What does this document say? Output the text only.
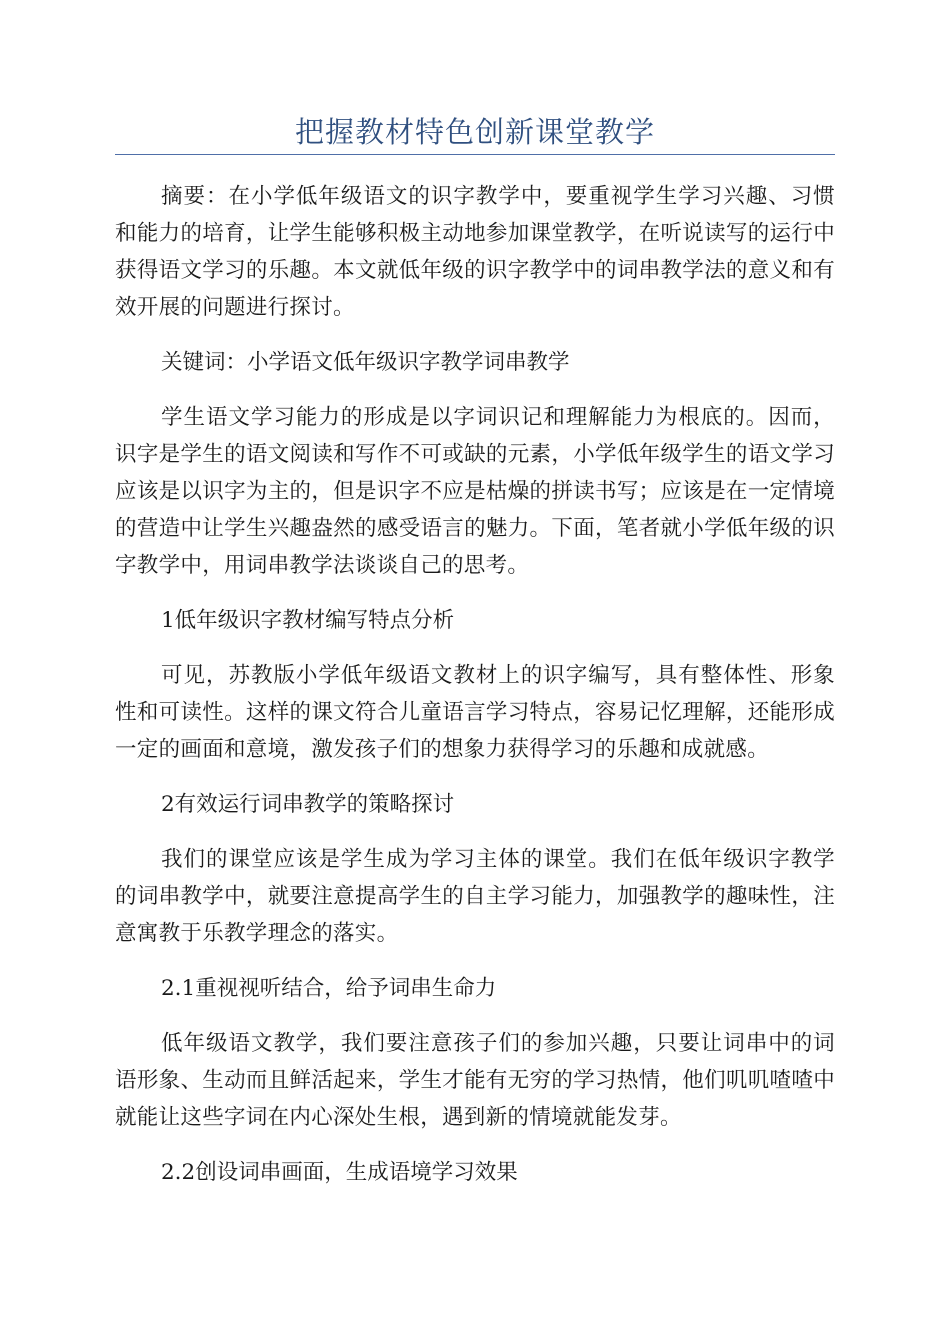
把握教材特色创新课堂教学

摘要：在小学低年级语文的识字教学中，要重视学生学习兴趣、习惯和能力的培育，让学生能够积极主动地参加课堂教学，在听说读写的运行中获得语文学习的乐趣。本文就低年级的识字教学中的词串教学法的意义和有效开展的问题进行探讨。

关键词：小学语文低年级识字教学词串教学

学生语文学习能力的形成是以字词识记和理解能力为根底的。因而，识字是学生的语文阅读和写作不可或缺的元素，小学低年级学生的语文学习应该是以识字为主的，但是识字不应是枯燥的拼读书写；应该是在一定情境的营造中让学生兴趣盎然的感受语言的魅力。下面，笔者就小学低年级的识字教学中，用词串教学法谈谈自己的思考。

1低年级识字教材编写特点分析

可见，苏教版小学低年级语文教材上的识字编写，具有整体性、形象性和可读性。这样的课文符合儿童语言学习特点，容易记忆理解，还能形成一定的画面和意境，激发孩子们的想象力获得学习的乐趣和成就感。

2有效运行词串教学的策略探讨

我们的课堂应该是学生成为学习主体的课堂。我们在低年级识字教学的词串教学中，就要注意提高学生的自主学习能力，加强教学的趣味性，注意寓教于乐教学理念的落实。

2.1重视视听结合，给予词串生命力

低年级语文教学，我们要注意孩子们的参加兴趣，只要让词串中的词语形象、生动而且鲜活起来，学生才能有无穷的学习热情，他们叽叽喳喳中就能让这些字词在内心深处生根，遇到新的情境就能发芽。

2.2创设词串画面，生成语境学习效果
